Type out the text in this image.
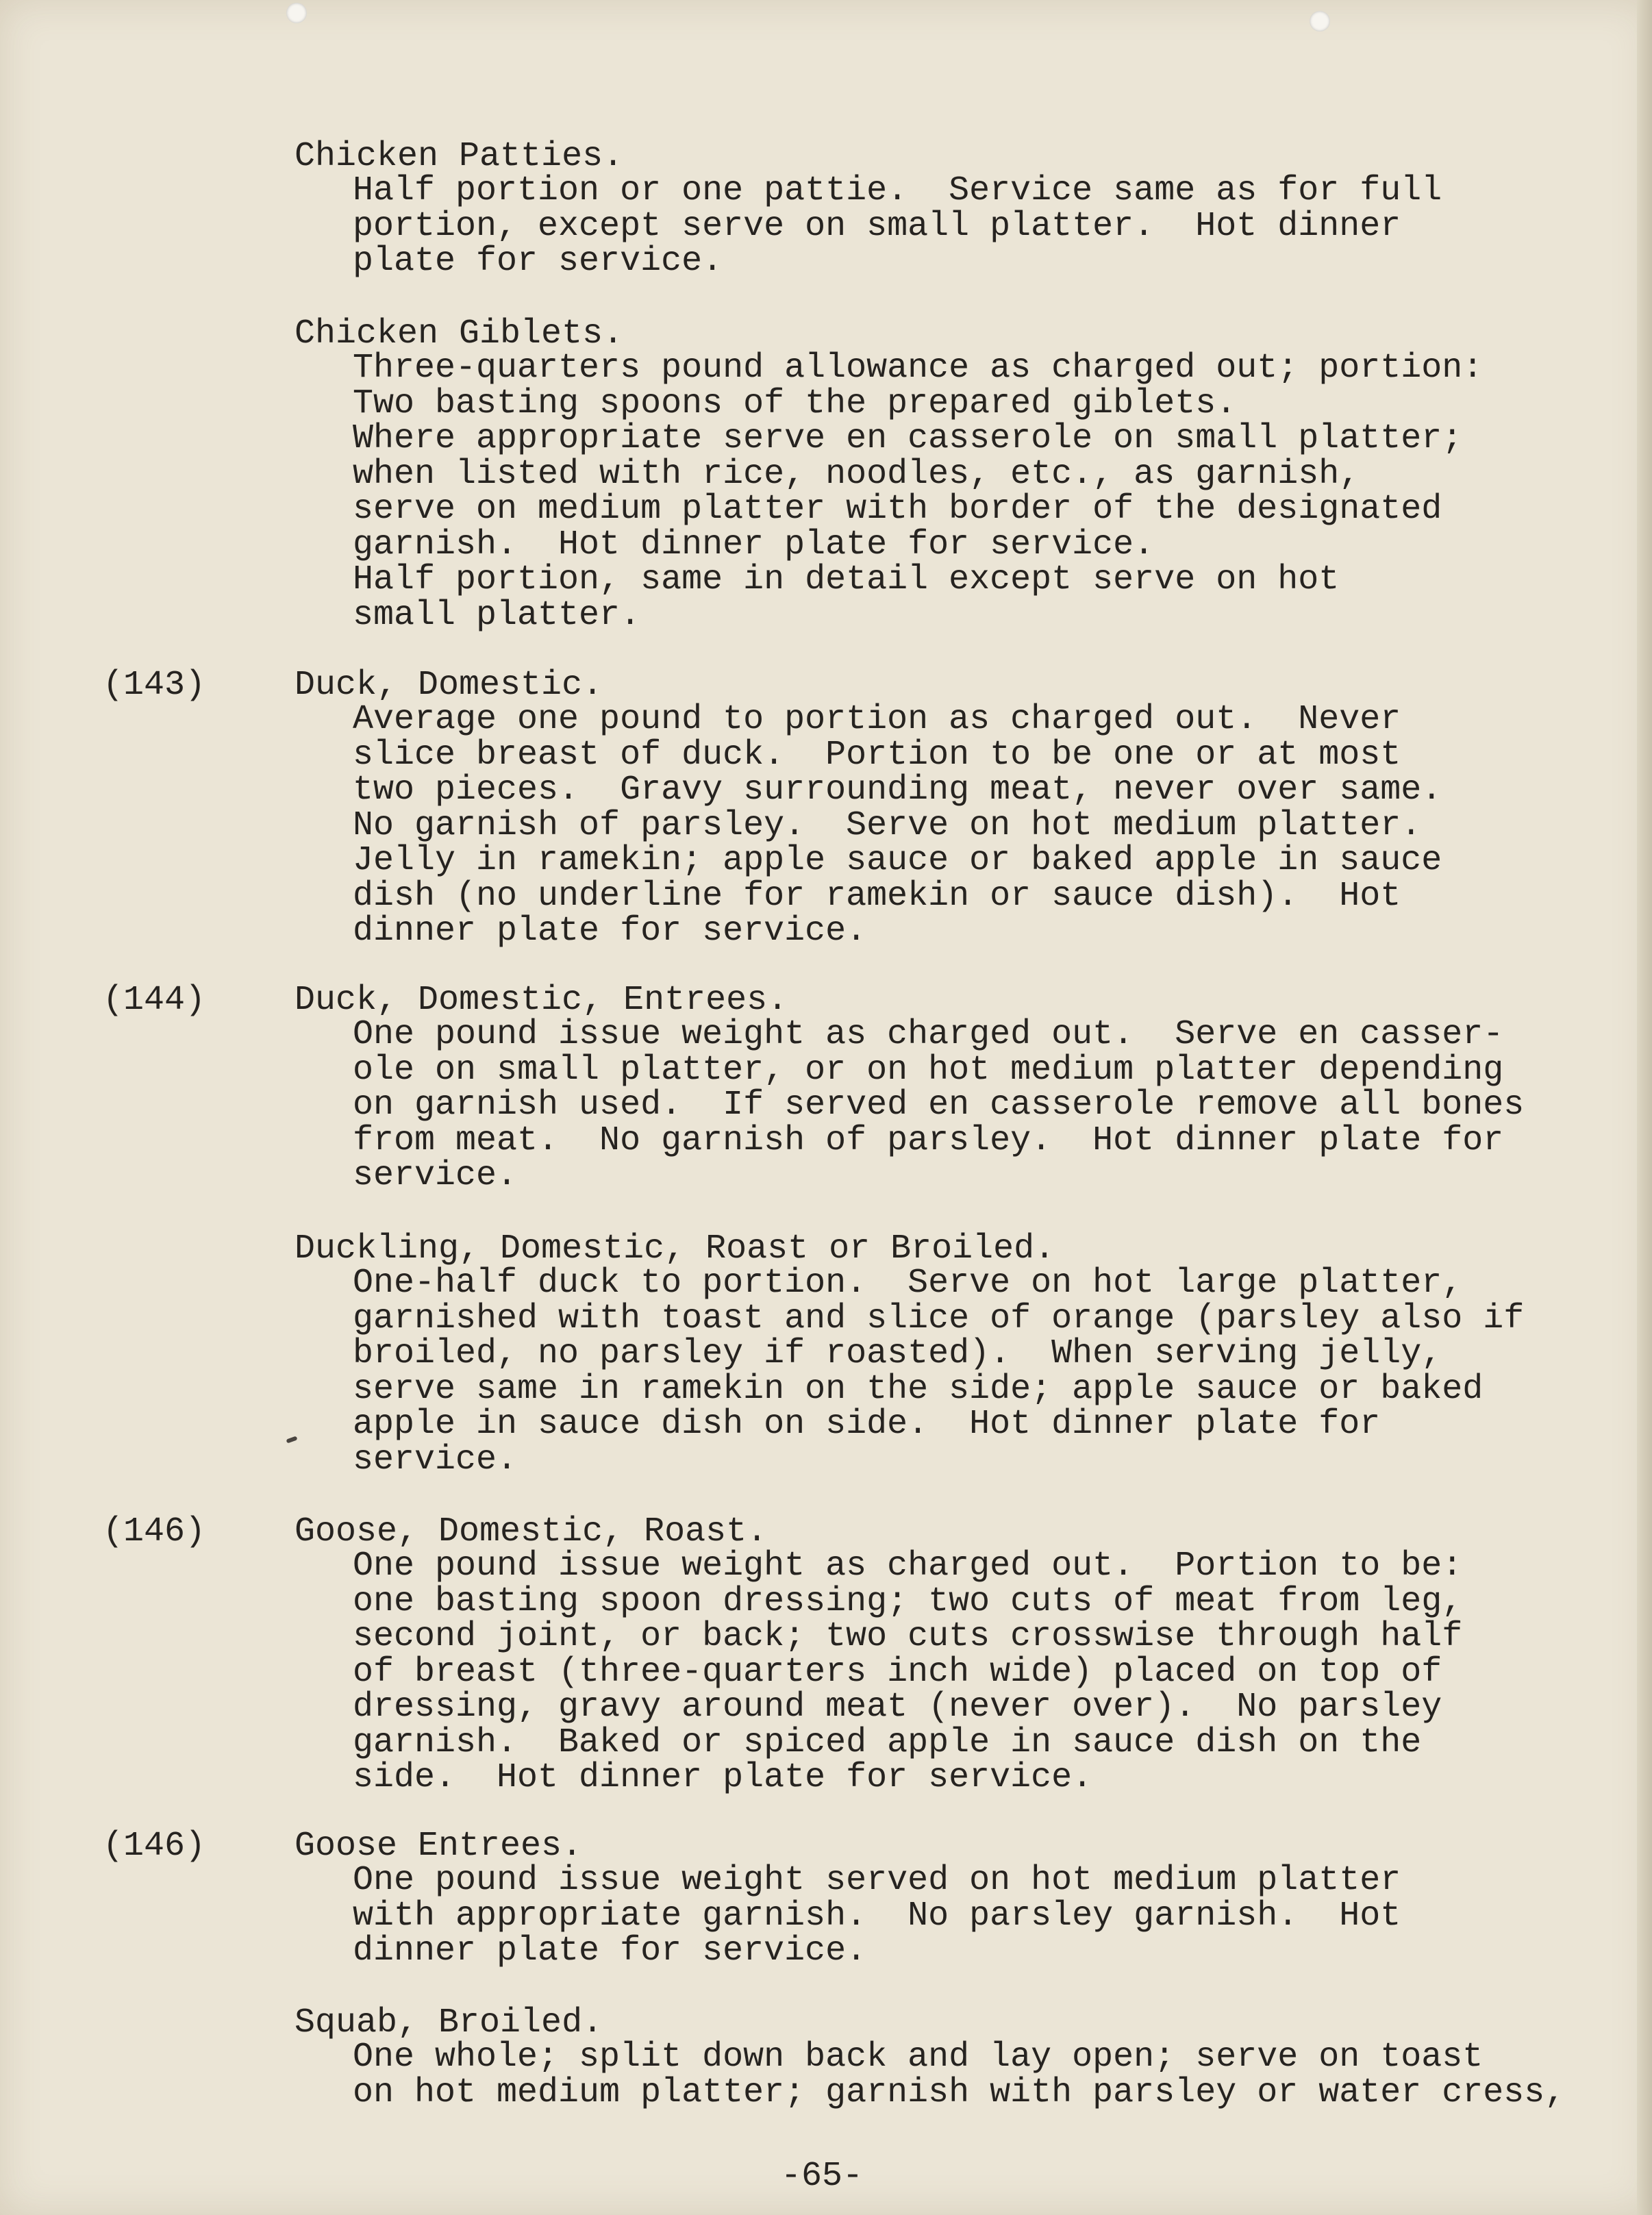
Chicken Patties.
Half portion or one pattie.  Service same as for full
portion, except serve on small platter.  Hot dinner
plate for service.
Chicken Giblets.
Three-quarters pound allowance as charged out; portion:
Two basting spoons of the prepared giblets.
Where appropriate serve en casserole on small platter;
when listed with rice, noodles, etc., as garnish,
serve on medium platter with border of the designated
garnish.  Hot dinner plate for service.
Half portion, same in detail except serve on hot
small platter.
(143)	Duck, Domestic.
Average one pound to portion as charged out.  Never
slice breast of duck.  Portion to be one or at most
two pieces.  Gravy surrounding meat, never over same.
No garnish of parsley.  Serve on hot medium platter.
Jelly in ramekin; apple sauce or baked apple in sauce
dish (no underline for ramekin or sauce dish).  Hot
dinner plate for service.
(144)	Duck, Domestic, Entrees.
One pound issue weight as charged out.  Serve en casser-
ole on small platter, or on hot medium platter depending
on garnish used.  If served en casserole remove all bones
from meat.  No garnish of parsley.  Hot dinner plate for
service.
Duckling, Domestic, Roast or Broiled.
One-half duck to portion.  Serve on hot large platter,
garnished with toast and slice of orange (parsley also if
broiled, no parsley if roasted).  When serving jelly,
serve same in ramekin on the side; apple sauce or baked
apple in sauce dish on side.  Hot dinner plate for
service.
(146)	Goose, Domestic, Roast.
One pound issue weight as charged out.  Portion to be:
one basting spoon dressing; two cuts of meat from leg,
second joint, or back; two cuts crosswise through half
of breast (three-quarters inch wide) placed on top of
dressing, gravy around meat (never over).  No parsley
garnish.  Baked or spiced apple in sauce dish on the
side.  Hot dinner plate for service.
(146)	Goose Entrees.
One pound issue weight served on hot medium platter
with appropriate garnish.  No parsley garnish.  Hot
dinner plate for service.
Squab, Broiled.
One whole; split down back and lay open; serve on toast
on hot medium platter; garnish with parsley or water cress,
-65-
